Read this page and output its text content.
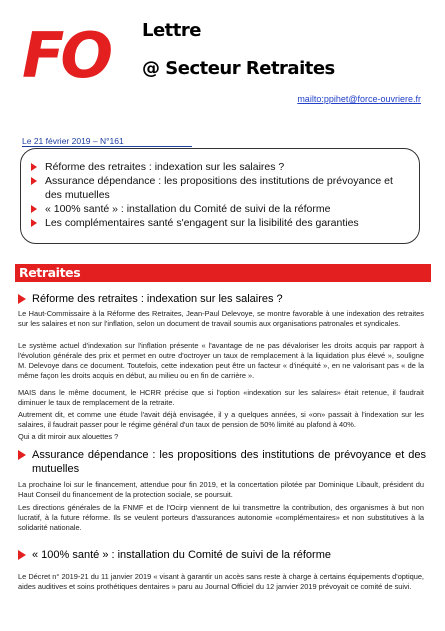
FO Lettre
@ Secteur Retraites
mailto:ppihet@force-ouvriere.fr
Le 21 février 2019 – N°161
Réforme des retraites : indexation sur les salaires ?
Assurance dépendance : les propositions des institutions de prévoyance et des mutuelles
« 100% santé » : installation du Comité de suivi de la réforme
Les complémentaires santé s'engagent sur la lisibilité des garanties
Retraites
Réforme des retraites : indexation sur les salaires ?

Le Haut-Commissaire à la Réforme des Retraites, Jean-Paul Delevoye, se montre favorable à une indexation des retraites sur les salaires et non sur l'inflation, selon un document de travail soumis aux organisations patronales et syndicales.

Le système actuel d'indexation sur l'inflation présente « l'avantage de ne pas dévaloriser les droits acquis par rapport à l'évolution générale des prix et permet en outre d'octroyer un taux de remplacement à la liquidation plus élevé », souligne M. Delevoye dans ce document. Toutefois, cette indexation peut être un facteur « d'inéquité », en ne valorisant pas « de la même façon les droits acquis en début, au milieu ou en fin de carrière ».

MAIS dans le même document, le HCRR précise que si l'option «indexation sur les salaires» était retenue, il faudrait diminuer le taux de remplacement de la retraite.

Autrement dit, et comme une étude l'avait déjà envisagée, il y a quelques années, si «on» passait à l'indexation sur les salaires, il faudrait passer pour le régime général d'un taux de pension de 50% limité au plafond à 40%.

Qui a dit miroir aux alouettes ?

Assurance dépendance : les propositions des institutions de prévoyance et des mutuelles

La prochaine loi sur le financement, attendue pour fin 2019, et la concertation pilotée par Dominique Libault, président du Haut Conseil du financement de la protection sociale, se poursuit.

Les directions générales de la FNMF et de l'Ocirp viennent de lui transmettre la contribution, des organismes à but non lucratif, à la future réforme. Ils se veulent porteurs d'assurances autonomie «complémentaires» et non substitutives à la solidarité nationale.

« 100% santé » : installation du Comité de suivi de la réforme

Le Décret n° 2019-21 du 11 janvier 2019 « visant à garantir un accès sans reste à charge à certains équipements d'optique, aides auditives et soins prothétiques dentaires » paru au Journal Officiel du 12 janvier 2019 prévoyait ce comité de suivi.
